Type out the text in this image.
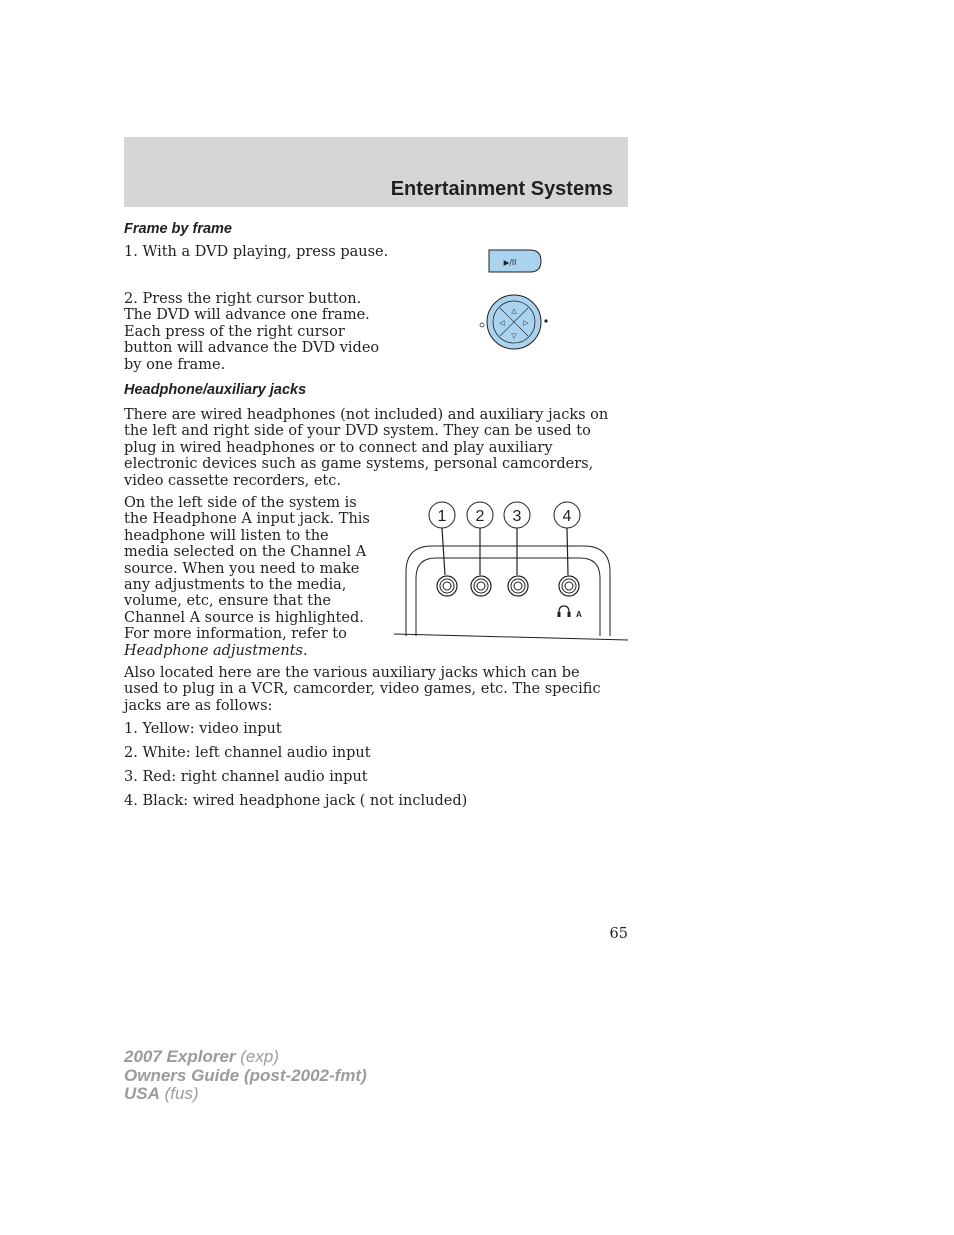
Entertainment Systems
Frame by frame

1. With a DVD playing, press pause.

▶/II

2. Press the right cursor button. The DVD will advance one frame. Each press of the right cursor button will advance the DVD video by one frame.

△
▽
◁	▷
Headphone/auxiliary jacks

There are wired headphones (not included) and auxiliary jacks on the left and right side of your DVD system. They can be used to plug in wired headphones or to connect and play auxiliary electronic devices such as game systems, personal camcorders, video cassette recorders, etc.

On the left side of the system is the Headphone A input jack. This headphone will listen to the media selected on the Channel A source. When you need to make any adjustments to the media, volume, etc, ensure that the Channel A source is highlighted. For more information, refer to Headphone adjustments.

1 2 3	4
A

Also located here are the various auxiliary jacks which can be used to plug in a VCR, camcorder, video games, etc. The specific jacks are as follows:

1. Yellow: video input
2. White: left channel audio input
3. Red: right channel audio input
4. Black: wired headphone jack ( not included)

65

2007 Explorer (exp)
Owners Guide (post-2002-fmt)
USA (fus)
